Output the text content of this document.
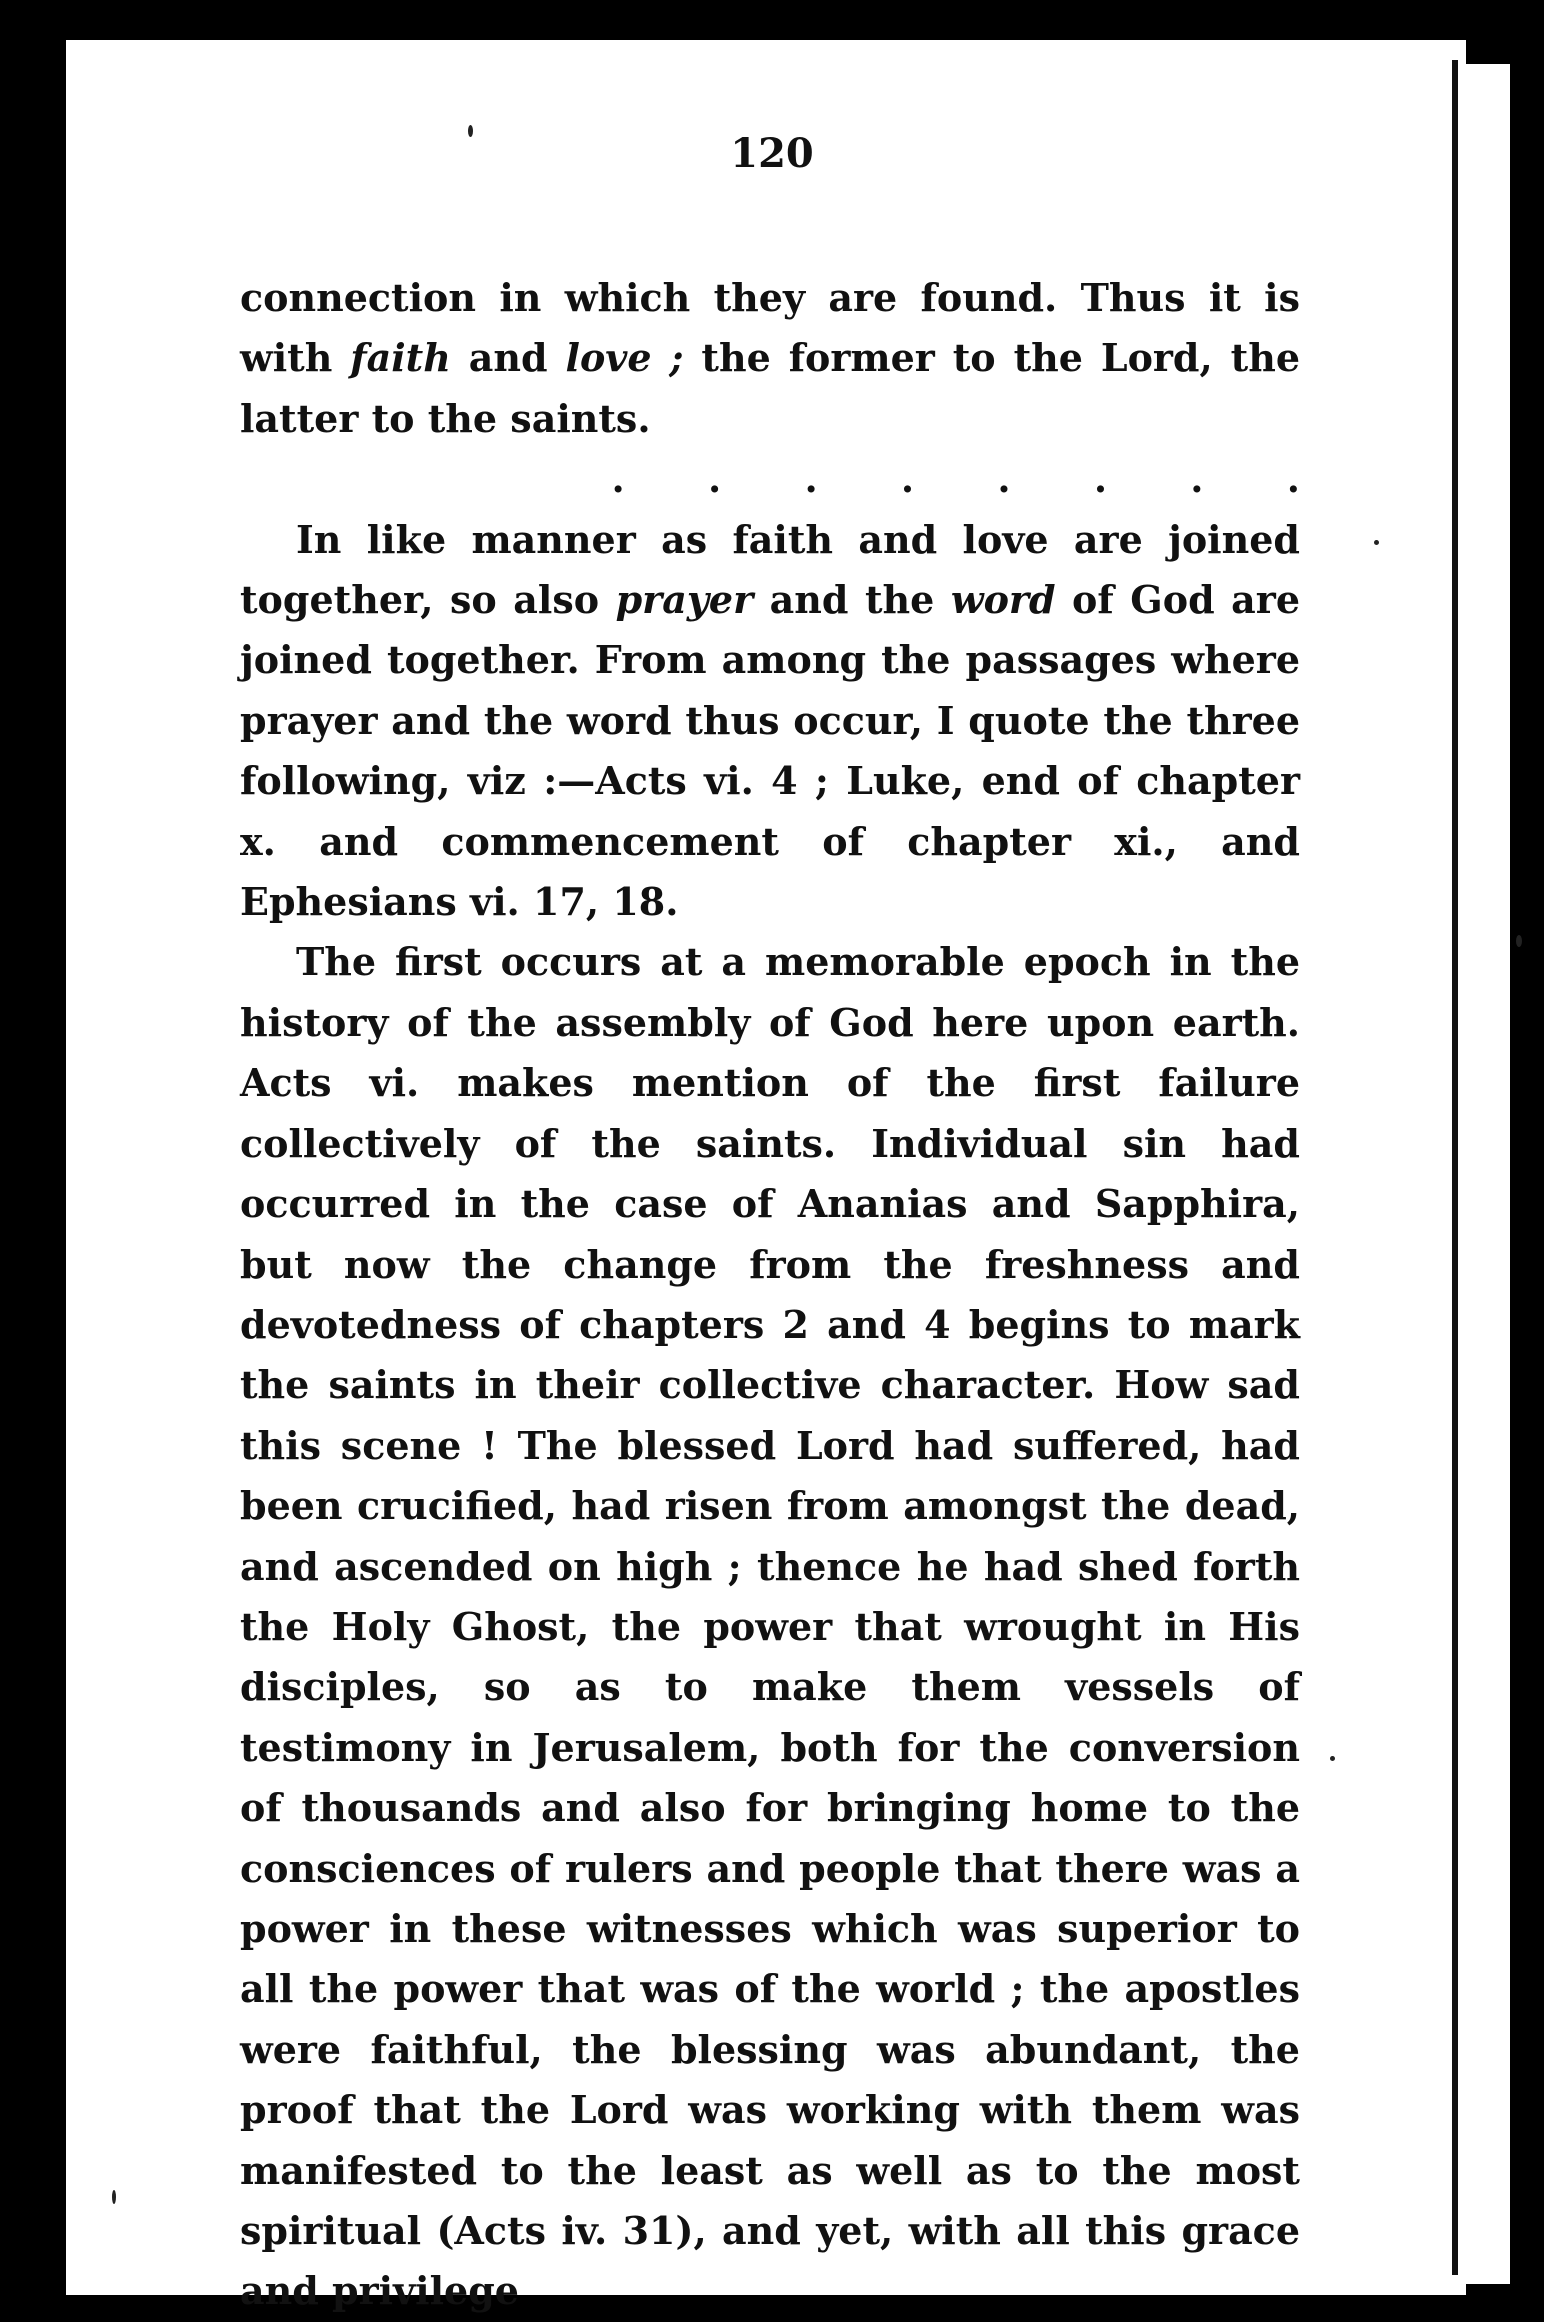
120

connection in which they are found. Thus it is with faith and love ; the former to the Lord, the latter to the saints.
. . . . . . . .

In like manner as faith and love are joined together, so also prayer and the word of God are joined together. From among the passages where prayer and the word thus occur, I quote the three following, viz :—Acts vi. 4 ; Luke, end of chapter x. and commencement of chapter xi., and Ephesians vi. 17, 18.

The first occurs at a memorable epoch in the history of the assembly of God here upon earth. Acts vi. makes mention of the first failure collectively of the saints. Individual sin had occurred in the case of Ananias and Sapphira, but now the change from the freshness and devotedness of chapters 2 and 4 begins to mark the saints in their collective character. How sad this scene ! The blessed Lord had suffered, had been crucified, had risen from amongst the dead, and ascended on high ; thence he had shed forth the Holy Ghost, the power that wrought in His disciples, so as to make them vessels of testimony in Jerusalem, both for the conversion of thousands and also for bringing home to the consciences of rulers and people that there was a power in these witnesses which was superior to all the power that was of the world ; the apostles were faithful, the blessing was abundant, the proof that the Lord was working with them was manifested to the least as well as to the most spiritual (Acts iv. 31), and yet, with all this grace and privilege
